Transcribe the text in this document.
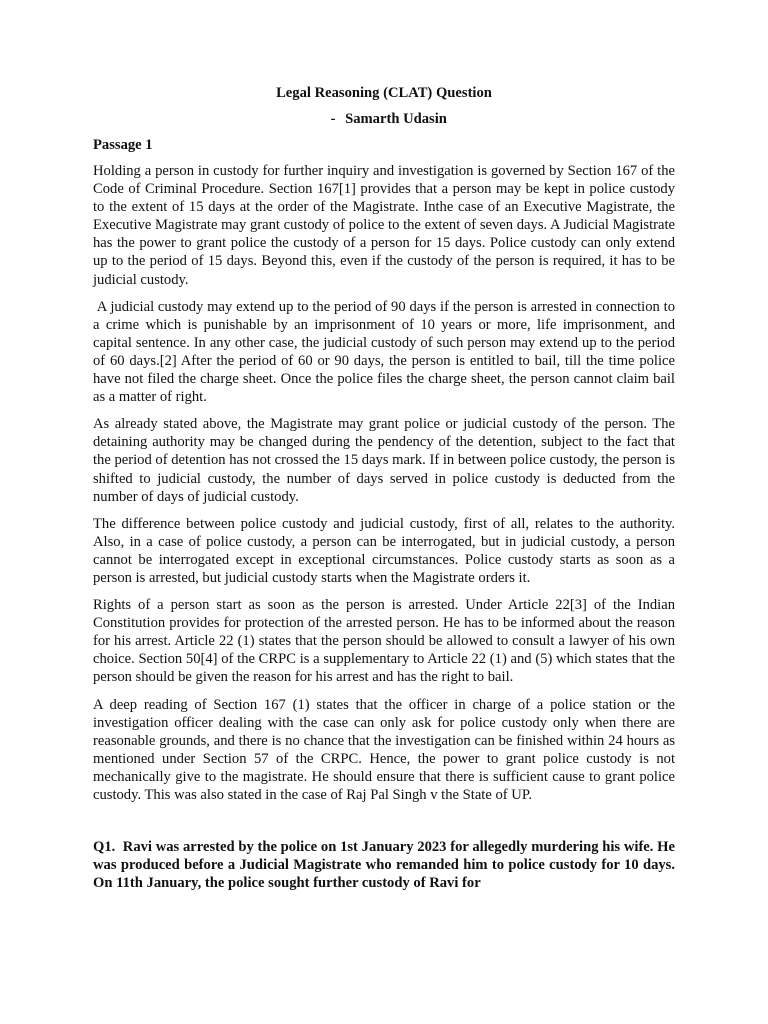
Legal Reasoning (CLAT) Question
- Samarth Udasin
Passage 1

Holding a person in custody for further inquiry and investigation is governed by Section 167 of the Code of Criminal Procedure. Section 167[1] provides that a person may be kept in police custody to the extent of 15 days at the order of the Magistrate. Inthe case of an Executive Magistrate, the Executive Magistrate may grant custody of police to the extent of seven days. A Judicial Magistrate has the power to grant police the custody of a person for 15 days. Police custody can only extend up to the period of 15 days. Beyond this, even if the custody of the person is required, it has to be judicial custody.

A judicial custody may extend up to the period of 90 days if the person is arrested in connection to a crime which is punishable by an imprisonment of 10 years or more, life imprisonment, and capital sentence. In any other case, the judicial custody of such person may extend up to the period of 60 days.[2] After the period of 60 or 90 days, the person is entitled to bail, till the time police have not filed the charge sheet. Once the police files the charge sheet, the person cannot claim bail as a matter of right.

As already stated above, the Magistrate may grant police or judicial custody of the person. The detaining authority may be changed during the pendency of the detention, subject to the fact that the period of detention has not crossed the 15 days mark. If in between police custody, the person is shifted to judicial custody, the number of days served in police custody is deducted from the number of days of judicial custody.

The difference between police custody and judicial custody, first of all, relates to the authority. Also, in a case of police custody, a person can be interrogated, but in judicial custody, a person cannot be interrogated except in exceptional circumstances. Police custody starts as soon as a person is arrested, but judicial custody starts when the Magistrate orders it.

Rights of a person start as soon as the person is arrested. Under Article 22[3] of the Indian Constitution provides for protection of the arrested person. He has to be informed about the reason for his arrest. Article 22 (1) states that the person should be allowed to consult a lawyer of his own choice. Section 50[4] of the CRPC is a supplementary to Article 22 (1) and (5) which states that the person should be given the reason for his arrest and has the right to bail.

A deep reading of Section 167 (1) states that the officer in charge of a police station or the investigation officer dealing with the case can only ask for police custody only when there are reasonable grounds, and there is no chance that the investigation can be finished within 24 hours as mentioned under Section 57 of the CRPC. Hence, the power to grant police custody is not mechanically give to the magistrate. He should ensure that there is sufficient cause to grant police custody. This was also stated in the case of Raj Pal Singh v the State of UP.

Q1.  Ravi was arrested by the police on 1st January 2023 for allegedly murdering his wife. He was produced before a Judicial Magistrate who remanded him to police custody for 10 days. On 11th January, the police sought further custody of Ravi for
